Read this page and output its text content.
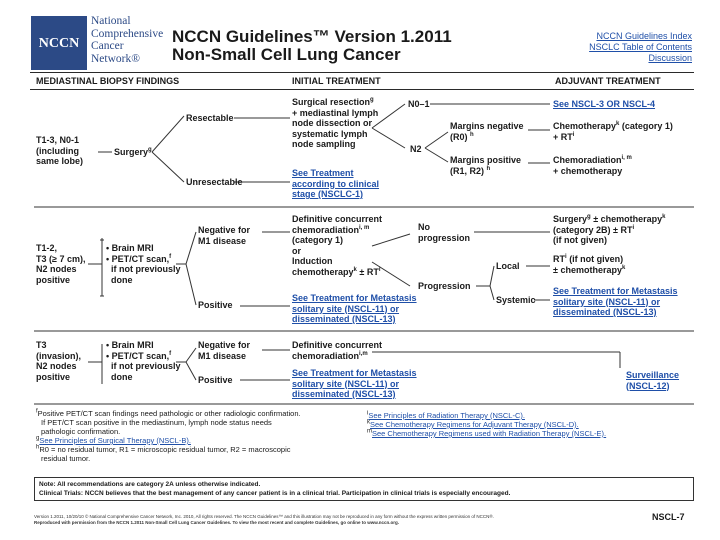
NCCN
National
Comprehensive
Cancer
Network®
NCCN Guidelines™ Version 1.2011
Non-Small Cell Lung Cancer
NCCN Guidelines Index
NSCLC Table of Contents
Discussion
MEDIASTINAL BIOPSY FINDINGS	INITIAL TREATMENT	ADJUVANT TREATMENT
T1-3, N0-1
(including
same lobe)
Surgery$^g$
Resectable
Unresectable
Surgical resection$^g$
+ mediastinal lymph
node dissection or
systematic lymph
node sampling
See Treatment
according to clinical
stage (NSCLC-1)
N0–1
N2
See NSCL-3 OR NSCL-4
Margins negative
(R0) $^h$
Margins positive
(R1, R2) $^h$
Chemotherapy$^k$ (category 1)
+ $RT^i$
Chemoradiation$^{i, m}$
+ chemotherapy
T1-2,
T3 (≥ 7 cm),
N2 nodes
positive
• Brain MRI
• PET/CT scan,$^f$
if not previously
done
Negative for
M1 disease
Positive
Definitive concurrent
chemoradiation$^{i, m}$
(category 1)
or
Induction
chemotherapy$^k$ ± $RT^i$
No
progression
Progression
Local
Systemic
Surgery$^g$ ± chemotherapy$^k$
(category $2B) \pm RT^i$
(if not given)
$RT^i$ (if not given)
± chemotherapy$^k$
See Treatment for Metastasis
solitary site (NSCL-11) or
disseminated (NSCL-13)
See Treatment for Metastasis
solitary site (NSCL-11) or
disseminated (NSCL-13)
T3
(invasion),
N2 nodes
positive
• Brain MRI
• PET/CT scan,$^f$
if not previously
done
Negative for
M1 disease
Positive
Definitive concurrent
chemoradiation$^{i,m}$
See Treatment for Metastasis
solitary site (NSCL-11) or
disseminated (NSCL-13)
Surveillance
(NSCL-12)
$^f$Positive PET/CT scan findings need pathologic or other radiologic confirmation.
If PET/CT scan positive in the mediastinum, lymph node status needs
pathologic confirmation.
$^g$See Principles of Surgical Therapy (NSCL-B).
$^h$R0 = no residual tumor, R1 = microscopic residual tumor, R2 = macroscopic
residual tumor.
$^i$See Principles of Radiation Therapy (NSCL-C).
$^k$See Chemotherapy Regimens for Adjuvant Therapy (NSCL-D).
$^m$See Chemotherapy Regimens used with Radiation Therapy (NSCL-E).
Note: All recommendations are category 2A unless otherwise indicated.
Clinical Trials: NCCN believes that the best management of any cancer patient is in a clinical trial. Participation in clinical trials is especially encouraged.
Version 1.2011, 10/20/10 © National Comprehensive Cancer Network, Inc. 2010, All rights reserved. The NCCN Guidelines™ and this illustration may not be reproduced in any form without the express written permission of NCCN®.
Reproduced with permission from the NCCN 1.2011 Non-Small Cell Lung Cancer Guidelines. To view the most recent and complete Guidelines, go online to www.nccn.org.
NSCL-7
